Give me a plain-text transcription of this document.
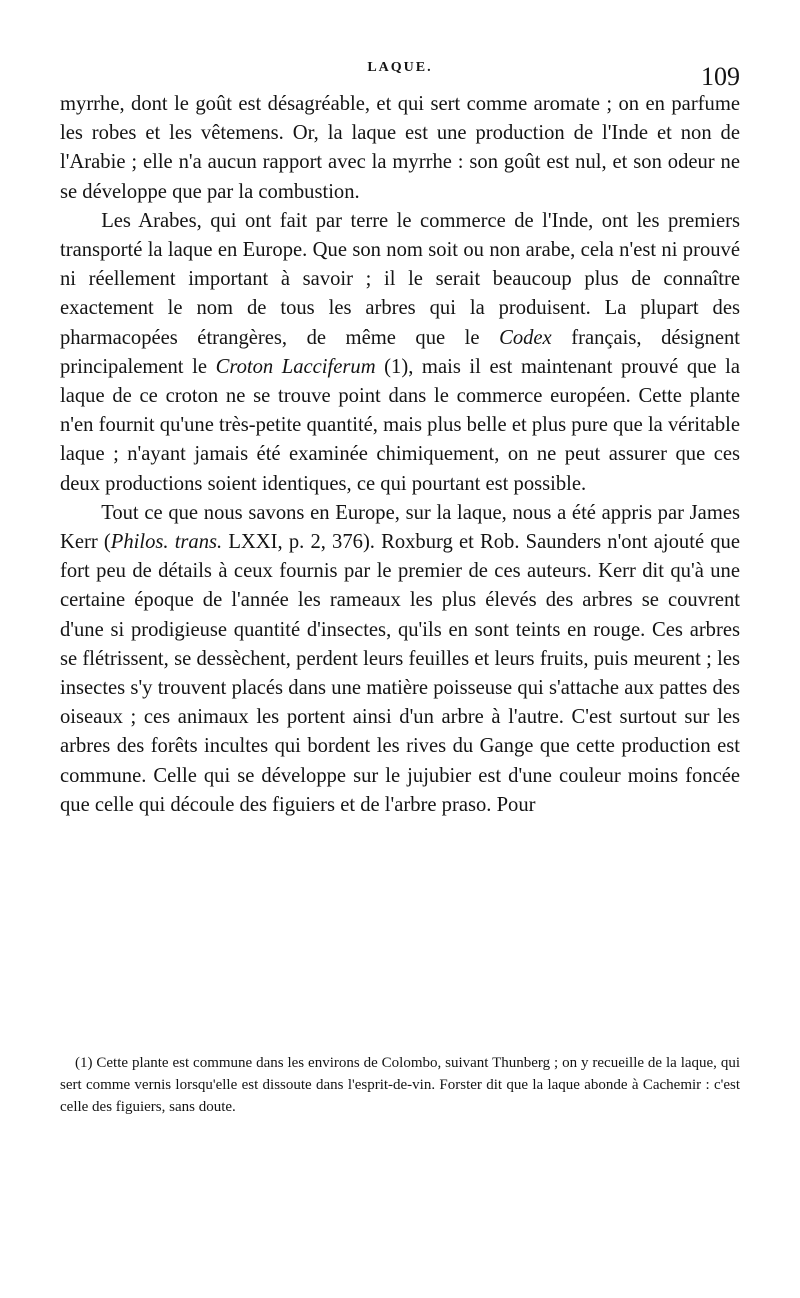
LAQUE.	109

myrrhe, dont le goût est désagréable, et qui sert comme aromate ; on en parfume les robes et les vêtemens. Or, la laque est une production de l'Inde et non de l'Arabie ; elle n'a aucun rapport avec la myrrhe : son goût est nul, et son odeur ne se développe que par la combustion.

Les Arabes, qui ont fait par terre le commerce de l'Inde, ont les premiers transporté la laque en Europe. Que son nom soit ou non arabe, cela n'est ni prouvé ni réellement important à savoir ; il le serait beaucoup plus de connaître exactement le nom de tous les arbres qui la produisent. La plupart des pharmacopées étrangères, de même que le Codex français, désignent principalement le Croton Lacciferum (1), mais il est maintenant prouvé que la laque de ce croton ne se trouve point dans le commerce européen. Cette plante n'en fournit qu'une très-petite quantité, mais plus belle et plus pure que la véritable laque ; n'ayant jamais été examinée chimiquement, on ne peut assurer que ces deux productions soient identiques, ce qui pourtant est possible.

Tout ce que nous savons en Europe, sur la laque, nous a été appris par James Kerr (Philos. trans. LXXI, p. 2, 376). Roxburg et Rob. Saunders n'ont ajouté que fort peu de détails à ceux fournis par le premier de ces auteurs. Kerr dit qu'à une certaine époque de l'année les rameaux les plus élevés des arbres se couvrent d'une si prodigieuse quantité d'insectes, qu'ils en sont teints en rouge. Ces arbres se flétrissent, se dessèchent, perdent leurs feuilles et leurs fruits, puis meurent ; les insectes s'y trouvent placés dans une matière poisseuse qui s'attache aux pattes des oiseaux ; ces animaux les portent ainsi d'un arbre à l'autre. C'est surtout sur les arbres des forêts incultes qui bordent les rives du Gange que cette production est commune. Celle qui se développe sur le jujubier est d'une couleur moins foncée que celle qui découle des figuiers et de l'arbre praso. Pour

(1) Cette plante est commune dans les environs de Colombo, suivant Thunberg ; on y recueille de la laque, qui sert comme vernis lorsqu'elle est dissoute dans l'esprit-de-vin. Forster dit que la laque abonde à Cachemir : c'est celle des figuiers, sans doute.
